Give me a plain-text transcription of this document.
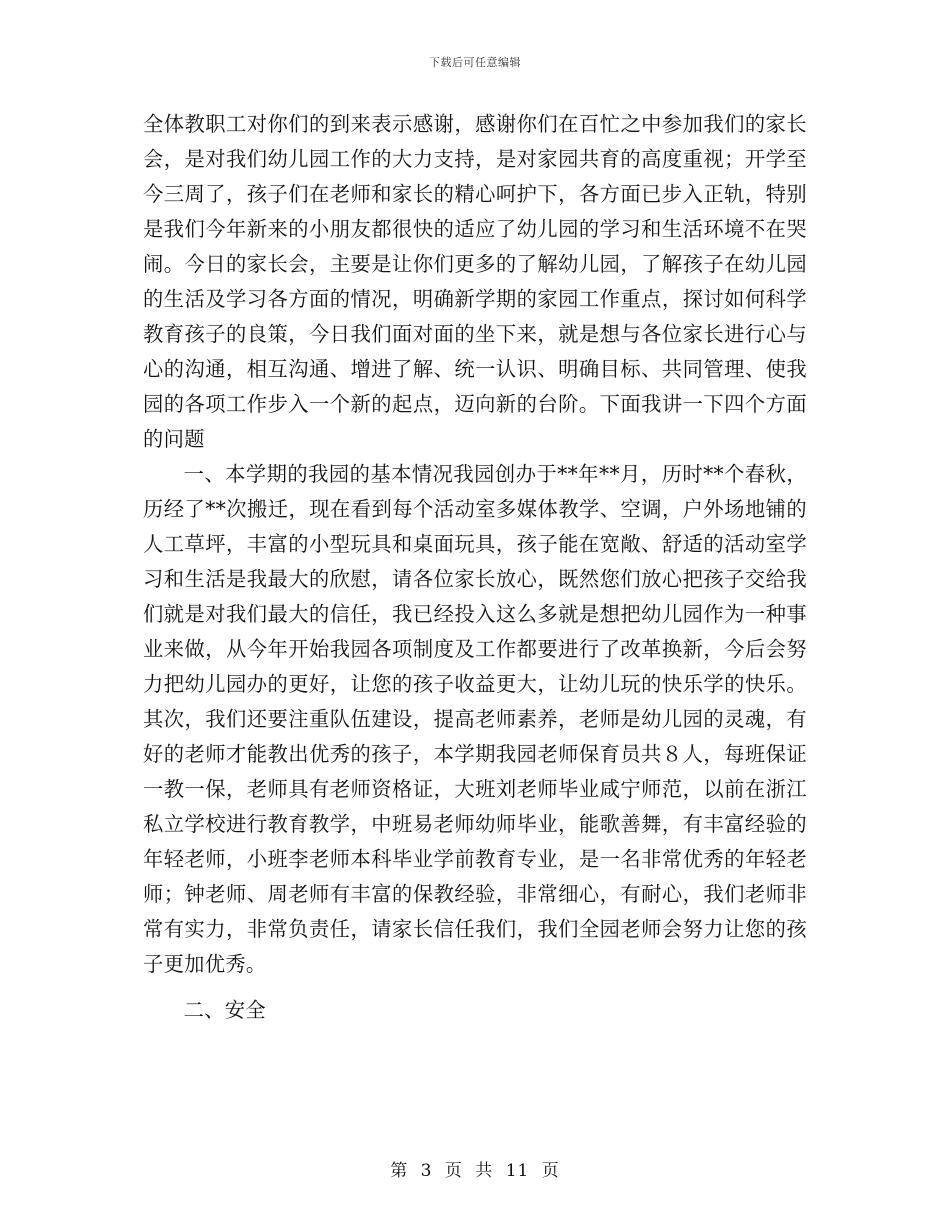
下载后可任意编辑

全体教职工对你们的到来表示感谢，感谢你们在百忙之中参加我们的家长会，是对我们幼儿园工作的大力支持，是对家园共育的高度重视；开学至今三周了，孩子们在老师和家长的精心呵护下，各方面已步入正轨，特别是我们今年新来的小朋友都很快的适应了幼儿园的学习和生活环境不在哭闹。今日的家长会，主要是让你们更多的了解幼儿园，了解孩子在幼儿园的生活及学习各方面的情况，明确新学期的家园工作重点，探讨如何科学教育孩子的良策，今日我们面对面的坐下来，就是想与各位家长进行心与心的沟通，相互沟通、增进了解、统一认识、明确目标、共同管理、使我园的各项工作步入一个新的起点，迈向新的台阶。下面我讲一下四个方面的问题

一、本学期的我园的基本情况我园创办于**年**月，历时**个春秋，历经了**次搬迁，现在看到每个活动室多媒体教学、空调，户外场地铺的人工草坪，丰富的小型玩具和桌面玩具，孩子能在宽敞、舒适的活动室学习和生活是我最大的欣慰，请各位家长放心，既然您们放心把孩子交给我们就是对我们最大的信任，我已经投入这么多就是想把幼儿园作为一种事业来做，从今年开始我园各项制度及工作都要进行了改革换新，今后会努力把幼儿园办的更好，让您的孩子收益更大，让幼儿玩的快乐学的快乐。其次，我们还要注重队伍建设，提高老师素养，老师是幼儿园的灵魂，有好的老师才能教出优秀的孩子，本学期我园老师保育员共８人，每班保证一教一保，老师具有老师资格证，大班刘老师毕业咸宁师范，以前在浙江私立学校进行教育教学，中班易老师幼师毕业，能歌善舞，有丰富经验的年轻老师，小班李老师本科毕业学前教育专业，是一名非常优秀的年轻老师；钟老师、周老师有丰富的保教经验，非常细心，有耐心，我们老师非常有实力，非常负责任，请家长信任我们，我们全园老师会努力让您的孩子更加优秀。

二、安全

第 3 页 共 11 页
